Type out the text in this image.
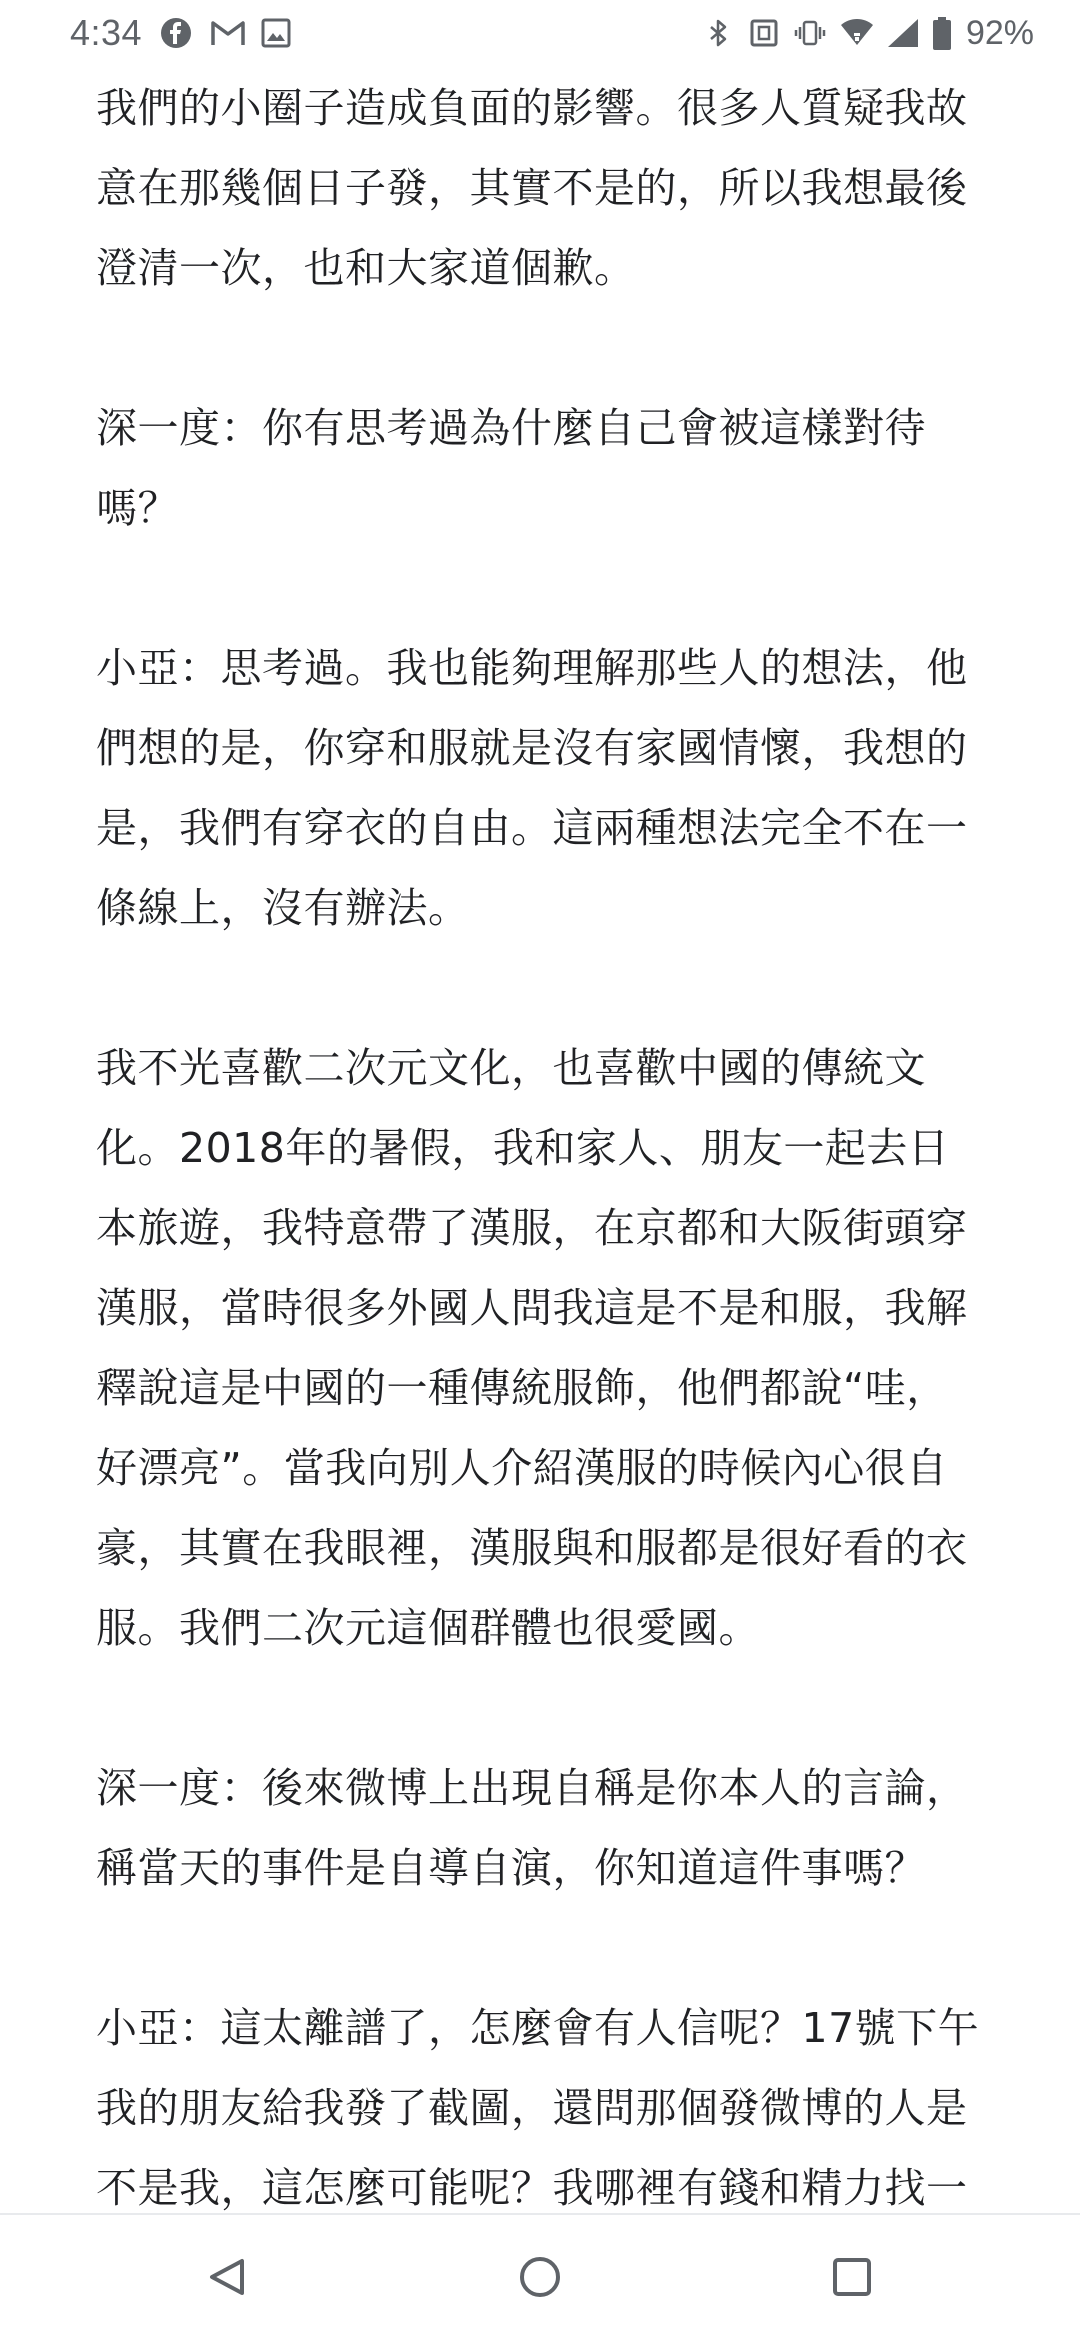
4:34	92%

我們的小圈子造成負面的影響。很多人質疑我故
意在那幾個日子發，其實不是的，所以我想最後
澄清一次，也和大家道個歉。

深一度：你有思考過為什麼自己會被這樣對待
嗎？

小亞：思考過。我也能夠理解那些人的想法，他
們想的是，你穿和服就是沒有家國情懷，我想的
是，我們有穿衣的自由。這兩種想法完全不在一
條線上，沒有辦法。

我不光喜歡二次元文化，也喜歡中國的傳統文
化。2018年的暑假，我和家人、朋友一起去日
本旅遊，我特意帶了漢服，在京都和大阪街頭穿
漢服，當時很多外國人問我這是不是和服，我解
釋說這是中國的一種傳統服飾，他們都說“哇，
好漂亮”。當我向別人介紹漢服的時候內心很自
豪，其實在我眼裡，漢服與和服都是很好看的衣
服。我們二次元這個群體也很愛國。

深一度：後來微博上出現自稱是你本人的言論，
稱當天的事件是自導自演，你知道這件事嗎？

小亞：這太離譜了，怎麼會有人信呢？17號下午
我的朋友給我發了截圖，還問那個發微博的人是
不是我，這怎麼可能呢？我哪裡有錢和精力找一
